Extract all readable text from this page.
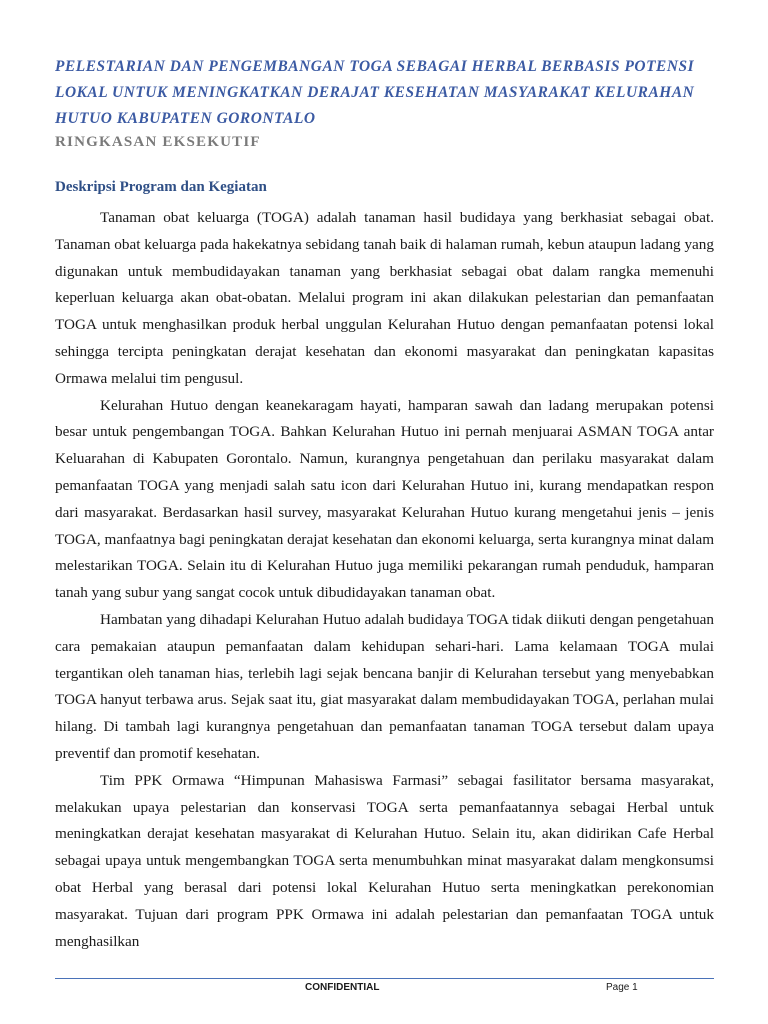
PELESTARIAN DAN PENGEMBANGAN TOGA SEBAGAI HERBAL BERBASIS POTENSI
LOKAL UNTUK MENINGKATKAN DERAJAT KESEHATAN MASYARAKAT KELURAHAN
HUTUO KABUPATEN GORONTALO
RINGKASAN EKSEKUTIF
Deskripsi Program dan Kegiatan

Tanaman obat keluarga (TOGA) adalah tanaman hasil budidaya yang berkhasiat sebagai obat. Tanaman obat keluarga pada hakekatnya sebidang tanah baik di halaman rumah, kebun ataupun ladang yang digunakan untuk membudidayakan tanaman yang berkhasiat sebagai obat dalam rangka memenuhi keperluan keluarga akan obat-obatan. Melalui program ini akan dilakukan pelestarian dan pemanfaatan TOGA untuk menghasilkan produk herbal unggulan Kelurahan Hutuo dengan pemanfaatan potensi lokal sehingga tercipta peningkatan derajat kesehatan dan ekonomi masyarakat dan peningkatan kapasitas Ormawa melalui tim pengusul.

Kelurahan Hutuo dengan keanekaragam hayati, hamparan sawah dan ladang merupakan potensi besar untuk pengembangan TOGA. Bahkan Kelurahan Hutuo ini pernah menjuarai ASMAN TOGA antar Keluarahan di Kabupaten Gorontalo. Namun, kurangnya pengetahuan dan perilaku masyarakat dalam pemanfaatan TOGA yang menjadi salah satu icon dari Kelurahan Hutuo ini, kurang mendapatkan respon dari masyarakat. Berdasarkan hasil survey, masyarakat Kelurahan Hutuo kurang mengetahui jenis – jenis TOGA, manfaatnya bagi peningkatan derajat kesehatan dan ekonomi keluarga, serta kurangnya minat dalam melestarikan TOGA. Selain itu di Kelurahan Hutuo juga memiliki pekarangan rumah penduduk, hamparan tanah yang subur yang sangat cocok untuk dibudidayakan tanaman obat.

Hambatan yang dihadapi Kelurahan Hutuo adalah budidaya TOGA tidak diikuti dengan pengetahuan cara pemakaian ataupun pemanfaatan dalam kehidupan sehari-hari. Lama kelamaan TOGA mulai tergantikan oleh tanaman hias, terlebih lagi sejak bencana banjir di Kelurahan tersebut yang menyebabkan TOGA hanyut terbawa arus. Sejak saat itu, giat masyarakat dalam membudidayakan TOGA, perlahan mulai hilang. Di tambah lagi kurangnya pengetahuan dan pemanfaatan tanaman TOGA tersebut dalam upaya preventif dan promotif kesehatan.

Tim PPK Ormawa “Himpunan Mahasiswa Farmasi” sebagai fasilitator bersama masyarakat, melakukan upaya pelestarian dan konservasi TOGA serta pemanfaatannya sebagai Herbal untuk meningkatkan derajat kesehatan masyarakat di Kelurahan Hutuo. Selain itu, akan didirikan Cafe Herbal sebagai upaya untuk mengembangkan TOGA serta menumbuhkan minat masyarakat dalam mengkonsumsi obat Herbal yang berasal dari potensi lokal Kelurahan Hutuo serta meningkatkan perekonomian masyarakat. Tujuan dari program PPK Ormawa ini adalah pelestarian dan pemanfaatan TOGA untuk menghasilkan

CONFIDENTIAL	Page 1
